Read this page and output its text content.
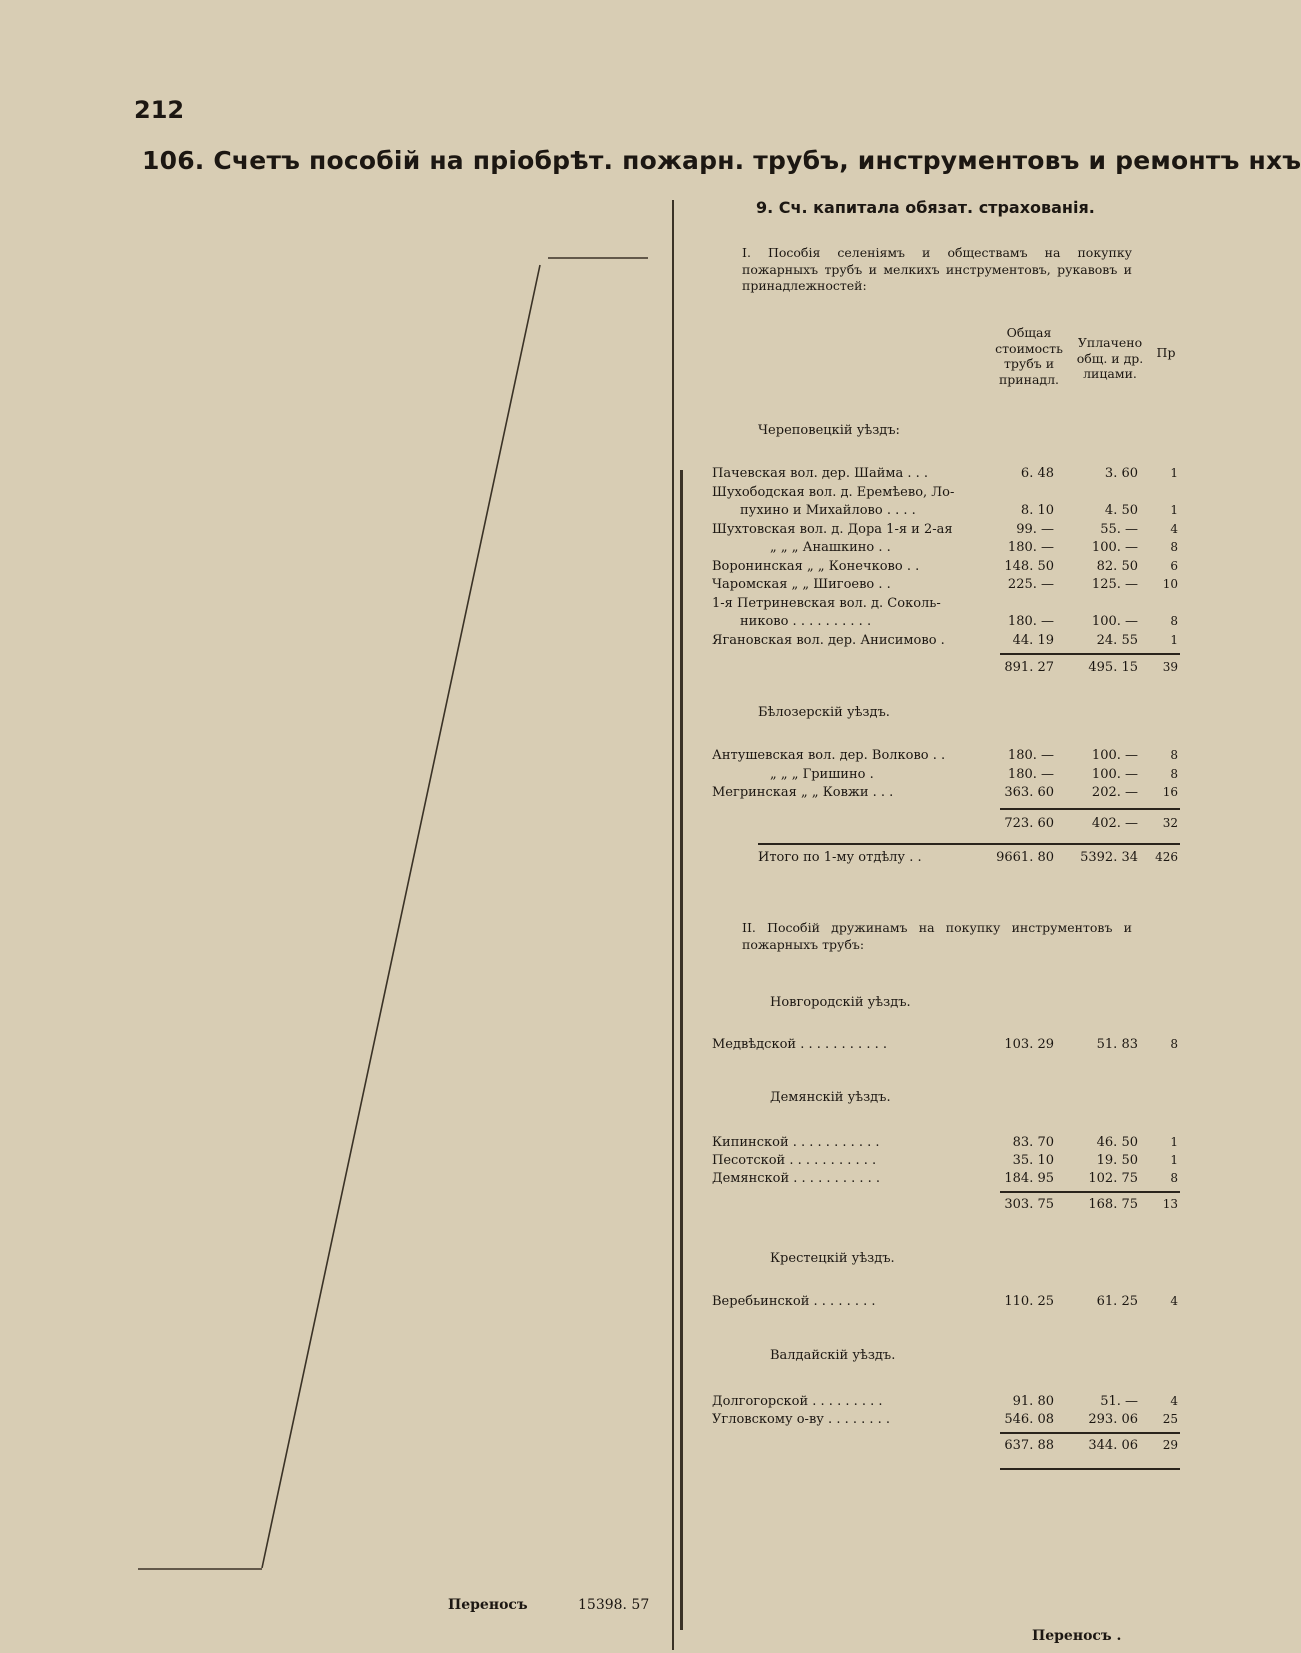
212
106. Счетъ пособій на пріобрѣт. пожарн. трубъ, инструментовъ и ремонтъ нхъ
Переносъ	15398. 57
9. Сч. капитала обязат. страхованія.
I. Пособія селеніямъ и обществамъ на покупку пожарныхъ трубъ и мелкихъ инструментовъ, рукавовъ и принадлежностей:
Общая стоимость трубъ и принадл.
Уплачено общ. и др. лицами.
Пр
Череповецкій уѣздъ:
Пачевская вол. дер. Шайма . . .	6. 48	3. 60	1
Шухободская вол. д. Еремѣево, Ло-
пухино и Михайлово . . . .	8. 10	4. 50	1
Шухтовская вол. д. Дора 1-я и 2-ая	99. —	55. —	4
„ „ „ Анашкино . .	180. —	100. —	8
Воронинская „ „ Конечково . .	148. 50	82. 50	6
Чаромская „ „ Шигоево . .	225. —	125. —	10
1-я Петриневская вол. д. Соколь-
никово . . . . . . . . . .	180. —	100. —	8
Ягановская вол. дер. Анисимово .	44. 19	24. 55	1
891. 27	495. 15	39
Бѣлозерскій уѣздъ.
Антушевская вол. дер. Волково . .	180. —	100. —	8
„ „ „ Гришино .	180. —	100. —	8
Мегринская „ „ Ковжи . . .	363. 60	202. —	16
723. 60	402. —	32
Итого по 1-му отдѣлу . .	9661. 80	5392. 34 426
II. Пособій дружинамъ на покупку инструментовъ и пожарныхъ трубъ:
Новгородскій уѣздъ.
Медвѣдской . . . . . . . . . . .	103. 29	51. 83	8
Демянскій уѣздъ.
Кипинской . . . . . . . . . . .	83. 70	46. 50	1
Песотской . . . . . . . . . . .	35. 10	19. 50	1
Демянской . . . . . . . . . . .	184. 95	102. 75	8
303. 75	168. 75	13
Крестецкій уѣздъ.
Веребьинской . . . . . . . .	110. 25	61. 25	4
Валдайскій уѣздъ.
Долгогорской . . . . . . . . .	91. 80	51. —	4
Угловскому о-ву . . . . . . . .	546. 08	293. 06	25
637. 88	344. 06	29
Переносъ .
